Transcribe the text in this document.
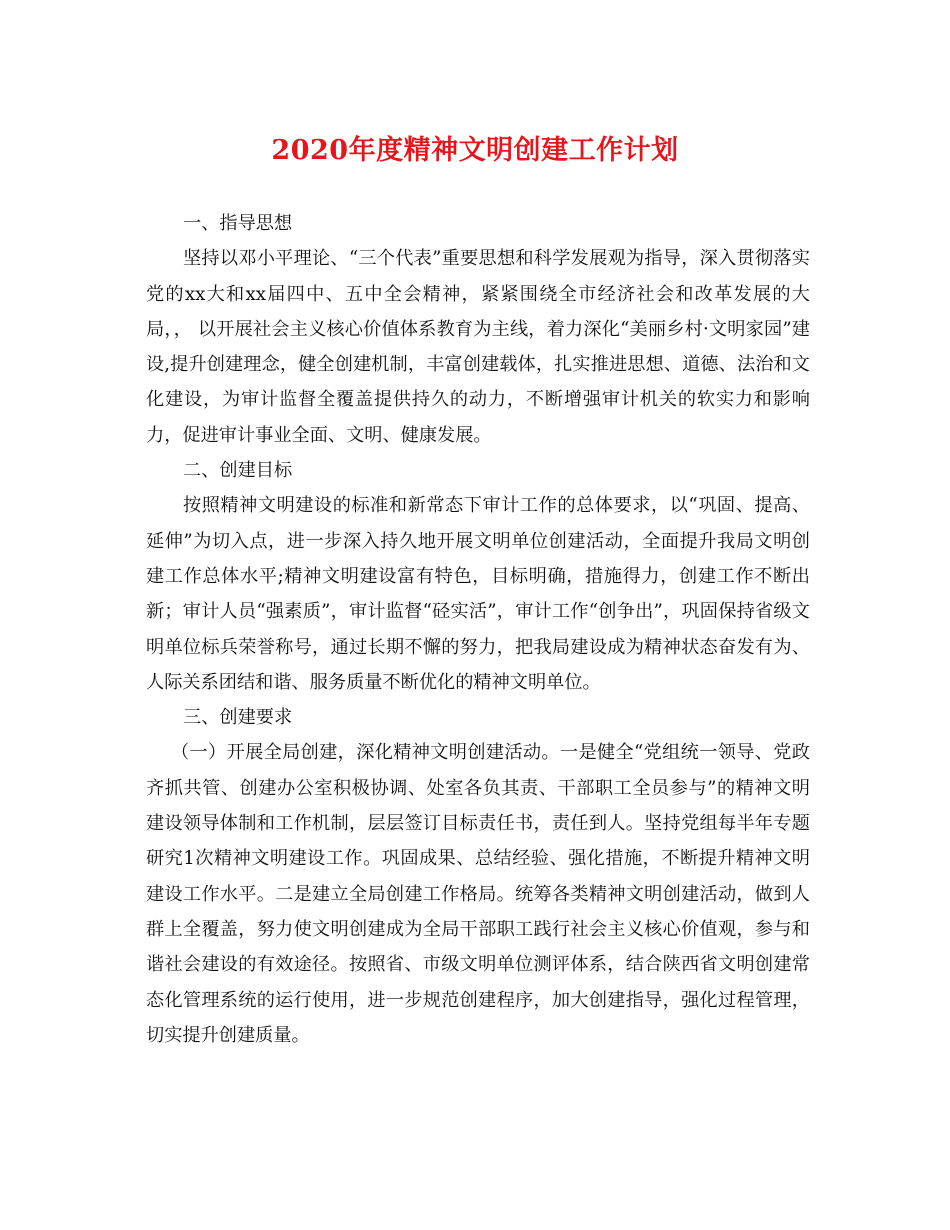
2020年度精神文明创建工作计划

一、指导思想

坚持以邓小平理论、“三个代表”重要思想和科学发展观为指导，深入贯彻落实党的xx大和xx届四中、五中全会精神，紧紧围绕全市经济社会和改革发展的大局，， 以开展社会主义核心价值体系教育为主线，着力深化“美丽乡村·文明家园”建设,提升创建理念，健全创建机制，丰富创建载体，扎实推进思想、道德、法治和文化建设，为审计监督全覆盖提供持久的动力，不断增强审计机关的软实力和影响力，促进审计事业全面、文明、健康发展。

二、创建目标

按照精神文明建设的标准和新常态下审计工作的总体要求，以“巩固、提高、延伸”为切入点，进一步深入持久地开展文明单位创建活动，全面提升我局文明创建工作总体水平;精神文明建设富有特色，目标明确，措施得力，创建工作不断出新；审计人员“强素质”，审计监督“硁实活”，审计工作“创争出”，巩固保持省级文明单位标兵荣誉称号，通过长期不懈的努力，把我局建设成为精神状态奋发有为、人际关系团结和谐、服务质量不断优化的精神文明单位。

三、创建要求

（一）开展全局创建，深化精神文明创建活动。一是健全“党组统一领导、党政齐抓共管、创建办公室积极协调、处室各负其责、干部职工全员参与”的精神文明建设领导体制和工作机制，层层签订目标责任书，责任到人。坚持党组每半年专题研究1次精神文明建设工作。巩固成果、总结经验、强化措施，不断提升精神文明建设工作水平。二是建立全局创建工作格局。统筹各类精神文明创建活动，做到人群上全覆盖，努力使文明创建成为全局干部职工践行社会主义核心价值观，参与和谐社会建设的有效途径。按照省、市级文明单位测评体系，结合陕西省文明创建常态化管理系统的运行使用，进一步规范创建程序，加大创建指导，强化过程管理，切实提升创建质量。
